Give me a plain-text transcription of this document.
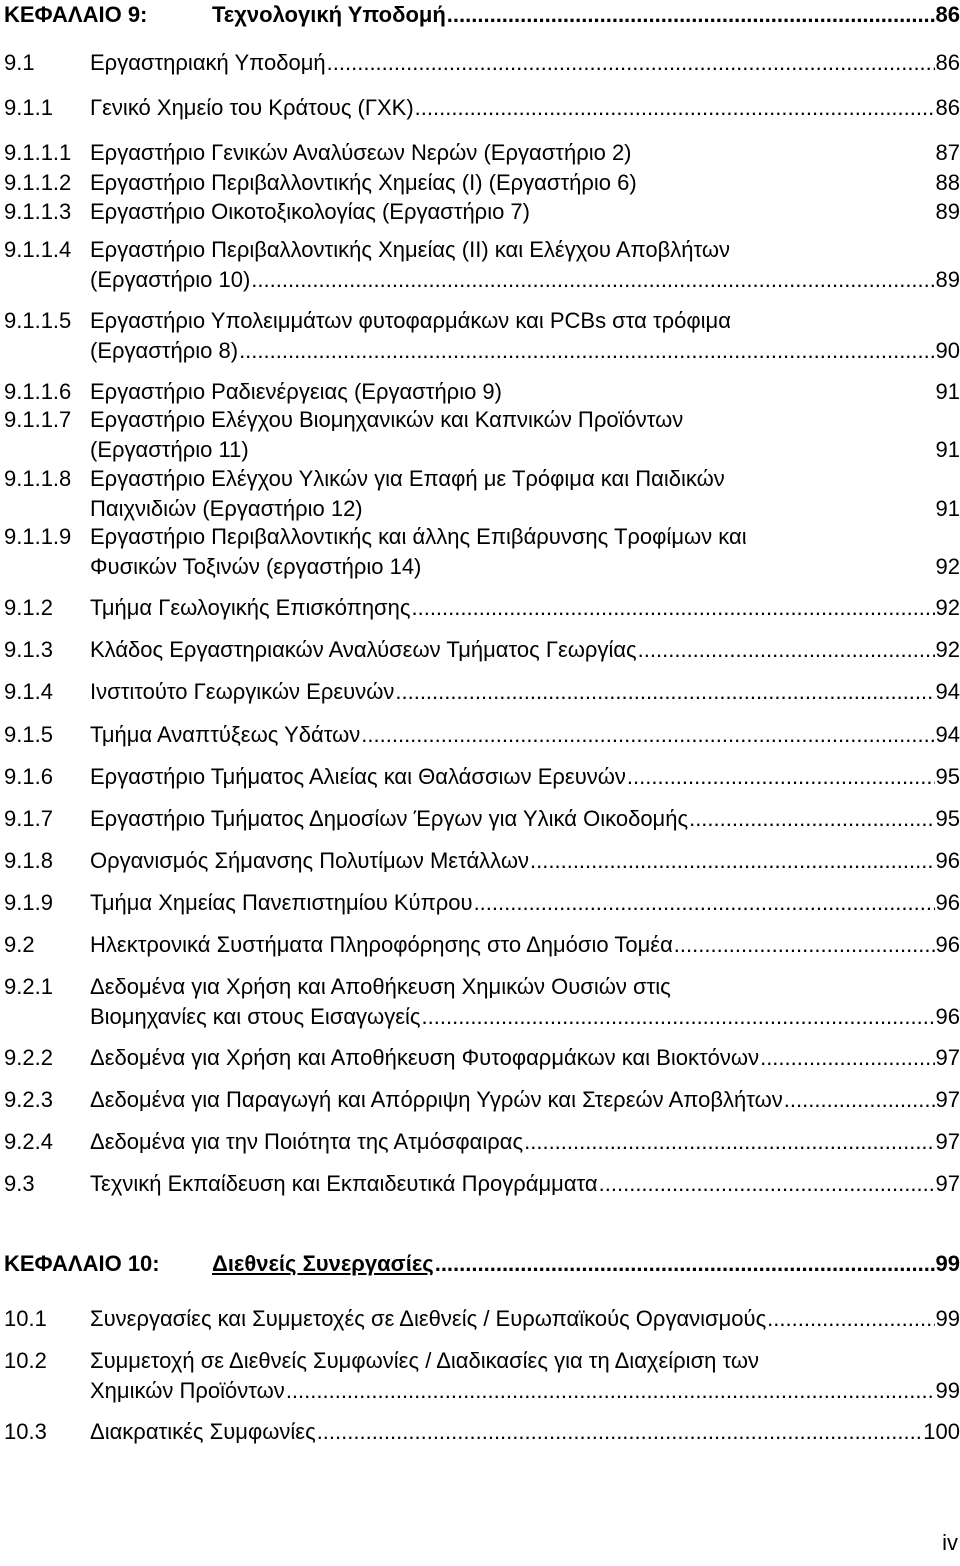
ΚΕΦΑΛΑΙΟ 9:	Τεχνολογική Υποδομή .....	86
9.1	Εργαστηριακή Υποδομή .....	86
9.1.1 Γενικό Χημείο του Κράτους (ΓΧΚ) .....	86
9.1.1.1 Εργαστήριο Γενικών Αναλύσεων Νερών (Εργαστήριο 2)	87
9.1.1.2 Εργαστήριο Περιβαλλοντικής Χημείας (Ι) (Εργαστήριο 6)	88
9.1.1.3 Εργαστήριο Οικοτοξικολογίας (Εργαστήριο 7)	89
9.1.1.4 Εργαστήριο Περιβαλλοντικής Χημείας (ΙΙ) και Ελέγχου Αποβλήτων
(Εργαστήριο 10) .....	89
9.1.1.5 Εργαστήριο Υπολειμμάτων φυτοφαρμάκων και PCBs στα τρόφιμα
(Εργαστήριο 8) .....	90
9.1.1.6 Εργαστήριο Ραδιενέργειας (Εργαστήριο 9)	91
9.1.1.7 Εργαστήριο Ελέγχου Βιομηχανικών και Καπνικών Προϊόντων
(Εργαστήριο 11)	91
9.1.1.8 Εργαστήριο Ελέγχου Υλικών για Επαφή με Τρόφιμα και Παιδικών
Παιχνιδιών (Εργαστήριο 12)	91
9.1.1.9 Εργαστήριο Περιβαλλοντικής και άλλης Επιβάρυνσης Τροφίμων και
Φυσικών Τοξινών (εργαστήριο 14)	92
9.1.2 Τμήμα Γεωλογικής Επισκόπησης .....	92
9.1.3 Κλάδος Εργαστηριακών Αναλύσεων Τμήματος Γεωργίας .....	92
9.1.4 Ινστιτούτο Γεωργικών Ερευνών .....	94
9.1.5 Τμήμα Αναπτύξεως Υδάτων .....	94
9.1.6 Εργαστήριο Τμήματος Αλιείας και Θαλάσσιων Ερευνών .....	95
9.1.7 Εργαστήριο Τμήματος Δημοσίων Έργων για Υλικά Οικοδομής .....	95
9.1.8 Οργανισμός Σήμανσης Πολυτίμων Μετάλλων .....	96
9.1.9 Τμήμα Χημείας Πανεπιστημίου Κύπρου .....	96
9.2	Ηλεκτρονικά Συστήματα Πληροφόρησης στο Δημόσιο Τομέα .....	96
9.2.1 Δεδομένα για Χρήση και Αποθήκευση Χημικών Ουσιών στις
Βιομηχανίες και στους Εισαγωγείς .....	96
9.2.2 Δεδομένα για Χρήση και Αποθήκευση Φυτοφαρμάκων και Βιοκτόνων .....	97
9.2.3 Δεδομένα για Παραγωγή και Απόρριψη Υγρών και Στερεών Αποβλήτων .....	97
9.2.4 Δεδομένα για την Ποιότητα της Ατμόσφαιρας .....	97
9.3	Τεχνική Εκπαίδευση και Εκπαιδευτικά Προγράμματα .....	97
ΚΕΦΑΛΑΙΟ 10: Διεθνείς Συνεργασίες .....	99
10.1 Συνεργασίες και Συμμετοχές σε Διεθνείς / Ευρωπαϊκούς Οργανισμούς .....	99
10.2 Συμμετοχή σε Διεθνείς Συμφωνίες / Διαδικασίες για τη Διαχείριση των
Χημικών Προϊόντων .....	99
10.3 Διακρατικές Συμφωνίες .....	100
iv
